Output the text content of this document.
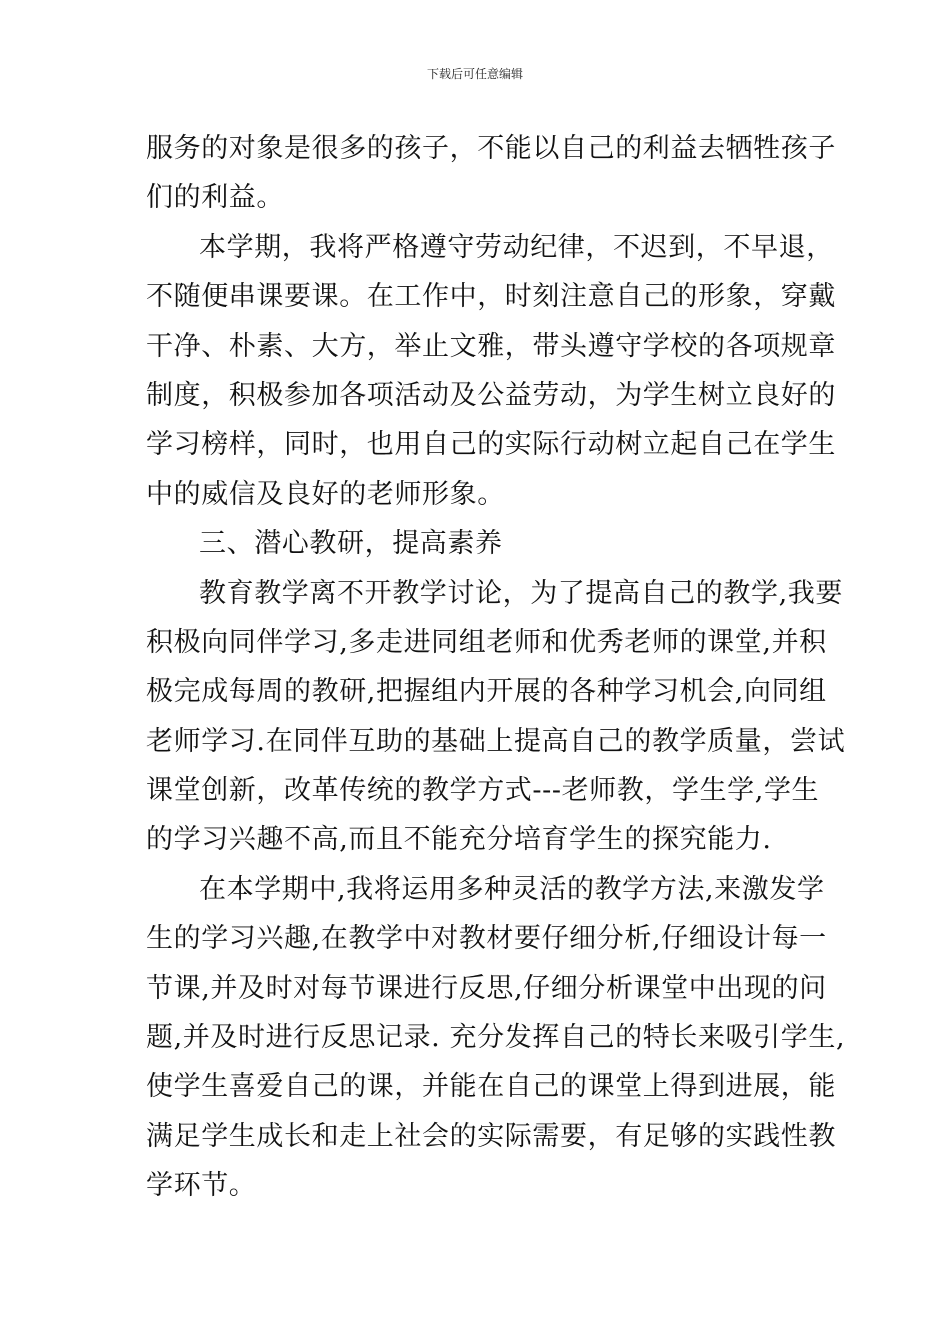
下载后可任意编辑
服务的对象是很多的孩子，不能以自己的利益去牺牲孩子
们的利益。
本学期，我将严格遵守劳动纪律，不迟到，不早退，
不随便串课要课。在工作中，时刻注意自己的形象，穿戴
干净、朴素、大方，举止文雅，带头遵守学校的各项规章
制度，积极参加各项活动及公益劳动，为学生树立良好的
学习榜样，同时，也用自己的实际行动树立起自己在学生
中的威信及良好的老师形象。
三、潜心教研，提高素养
教育教学离不开教学讨论，为了提高自己的教学,我要
积极向同伴学习,多走进同组老师和优秀老师的课堂,并积
极完成每周的教研,把握组内开展的各种学习机会,向同组
老师学习.在同伴互助的基础上提高自己的教学质量，尝试
课堂创新，改革传统的教学方式---老师教，学生学,学生
的学习兴趣不高,而且不能充分培育学生的探究能力.
在本学期中,我将运用多种灵活的教学方法,来激发学
生的学习兴趣,在教学中对教材要仔细分析,仔细设计每一
节课,并及时对每节课进行反思,仔细分析课堂中出现的问
题,并及时进行反思记录. 充分发挥自己的特长来吸引学生,
使学生喜爱自己的课，并能在自己的课堂上得到进展，能
满足学生成长和走上社会的实际需要，有足够的实践性教
学环节。
